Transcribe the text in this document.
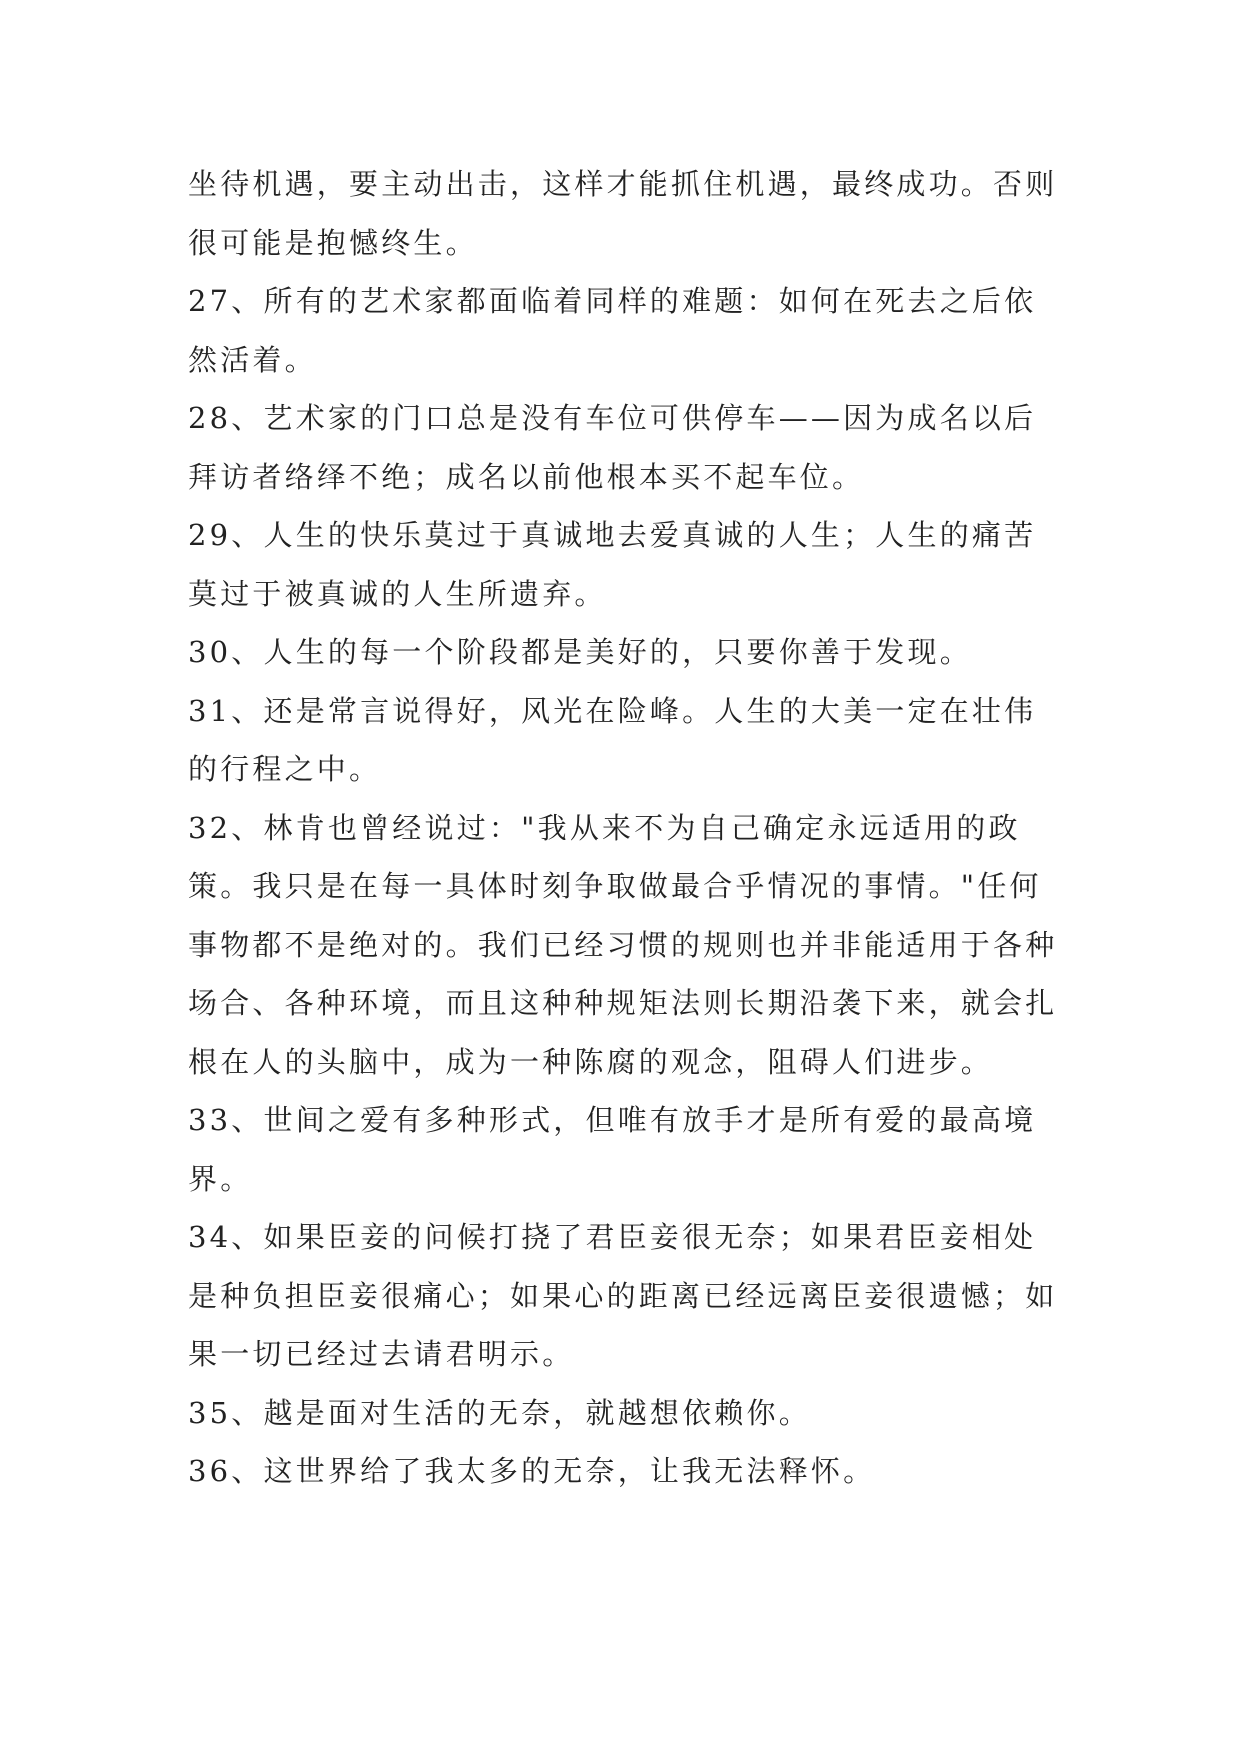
坐待机遇，要主动出击，这样才能抓住机遇，最终成功。否则很可能是抱憾终生。

27、所有的艺术家都面临着同样的难题：如何在死去之后依然活着。

28、艺术家的门口总是没有车位可供停车——因为成名以后拜访者络绎不绝；成名以前他根本买不起车位。

29、人生的快乐莫过于真诚地去爱真诚的人生；人生的痛苦莫过于被真诚的人生所遗弃。

30、人生的每一个阶段都是美好的，只要你善于发现。

31、还是常言说得好，风光在险峰。人生的大美一定在壮伟的行程之中。

32、林肯也曾经说过："我从来不为自己确定永远适用的政策。我只是在每一具体时刻争取做最合乎情况的事情。"任何事物都不是绝对的。我们已经习惯的规则也并非能适用于各种场合、各种环境，而且这种种规矩法则长期沿袭下来，就会扎根在人的头脑中，成为一种陈腐的观念，阻碍人们进步。

33、世间之爱有多种形式，但唯有放手才是所有爱的最高境界。

34、如果臣妾的问候打挠了君臣妾很无奈；如果君臣妾相处是种负担臣妾很痛心；如果心的距离已经远离臣妾很遗憾；如果一切已经过去请君明示。

35、越是面对生活的无奈，就越想依赖你。

36、这世界给了我太多的无奈，让我无法释怀。
